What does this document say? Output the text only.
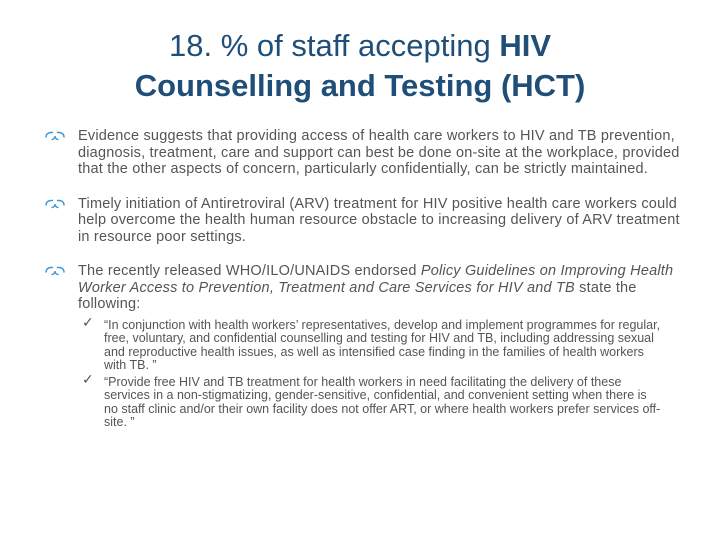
18. % of staff accepting HIV
Counselling and Testing (HCT)
Evidence suggests that providing access of health care workers to HIV and TB prevention, diagnosis, treatment, care and support can best be done on-site at the workplace, provided that the other aspects of concern, particularly confidentially, can be strictly maintained.
Timely initiation of Antiretroviral (ARV) treatment for HIV positive health care workers could help overcome the health human resource obstacle to increasing delivery of ARV treatment in resource poor settings.
The recently released WHO/ILO/UNAIDS endorsed Policy Guidelines on Improving Health Worker Access to Prevention, Treatment and Care Services for HIV and TB state the following:
✓ “In conjunction with health workers’ representatives, develop and implement programmes for regular, free, voluntary, and confidential counselling and testing for HIV and TB, including addressing sexual and reproductive health issues, as well as intensified case finding in the families of health workers with TB. ”
✓ “Provide free HIV and TB treatment for health workers in need facilitating the delivery of these services in a non-stigmatizing, gender-sensitive, confidential, and convenient setting when there is no staff clinic and/or their own facility does not offer ART, or where health workers prefer services off-site. ”
